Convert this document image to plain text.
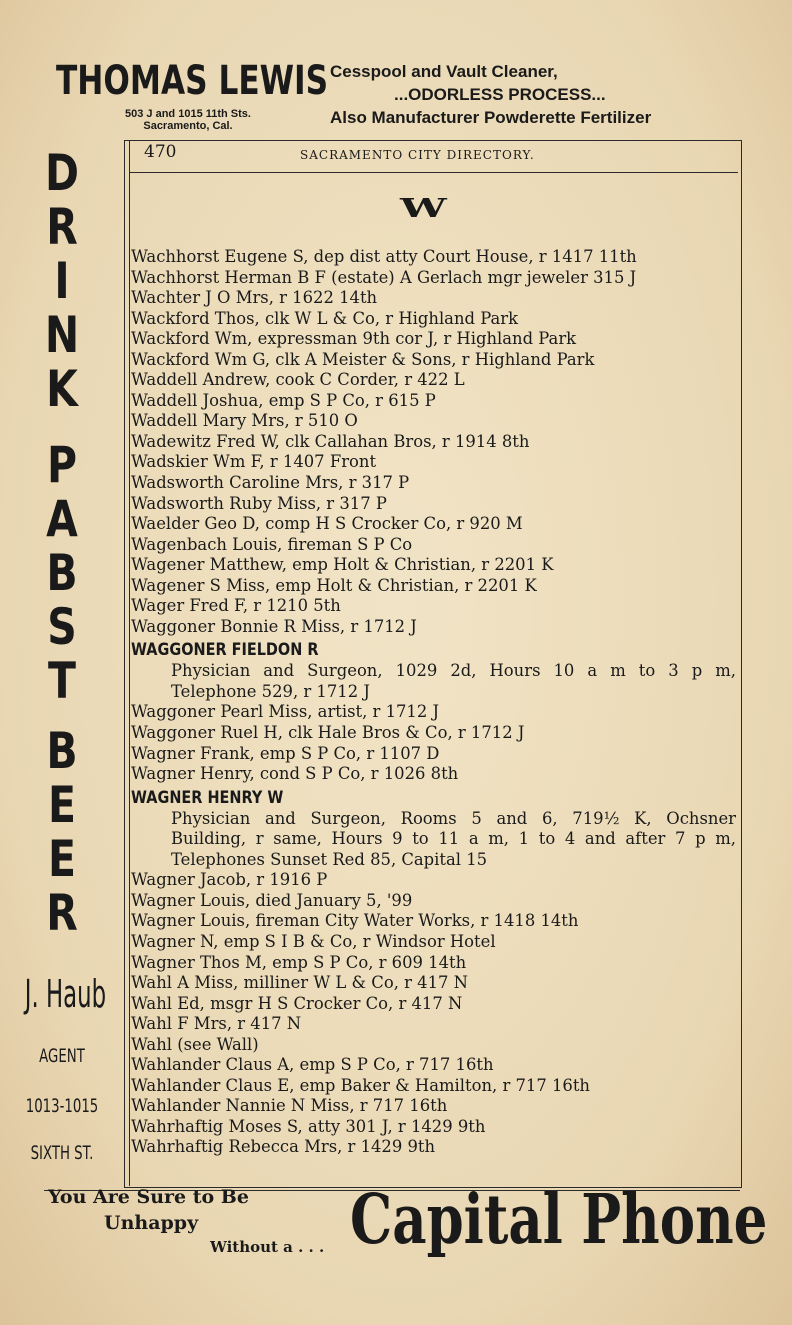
THOMAS LEWIS
503 J and 1015 11th Sts.
Sacramento, Cal.
Cesspool and Vault Cleaner,
...ODORLESS PROCESS...
Also Manufacturer Powderette Fertilizer
D
R
I
N
K
P
A
B
S
T
B
E
E
R
J. Haub
AGENT
1013-1015
SIXTH ST.
470	SACRAMENTO CITY DIRECTORY.
W
Wachhorst Eugene S, dep dist atty Court House, r 1417 11th
Wachhorst Herman B F (estate) A Gerlach mgr jeweler 315 J
Wachter J O Mrs, r 1622 14th
Wackford Thos, clk W L & Co, r Highland Park
Wackford Wm, expressman 9th cor J, r Highland Park
Wackford Wm G, clk A Meister & Sons, r Highland Park
Waddell Andrew, cook C Corder, r 422 L
Waddell Joshua, emp S P Co, r 615 P
Waddell Mary Mrs, r 510 O
Wadewitz Fred W, clk Callahan Bros, r 1914 8th
Wadskier Wm F, r 1407 Front
Wadsworth Caroline Mrs, r 317 P
Wadsworth Ruby Miss, r 317 P
Waelder Geo D, comp H S Crocker Co, r 920 M
Wagenbach Louis, fireman S P Co
Wagener Matthew, emp Holt & Christian, r 2201 K
Wagener S Miss, emp Holt & Christian, r 2201 K
Wager Fred F, r 1210 5th
Waggoner Bonnie R Miss, r 1712 J
WAGGONER FIELDON R
Physician and Surgeon, 1029 2d, Hours 10 a m to 3 p m,
Telephone 529, r 1712 J
Waggoner Pearl Miss, artist, r 1712 J
Waggoner Ruel H, clk Hale Bros & Co, r 1712 J
Wagner Frank, emp S P Co, r 1107 D
Wagner Henry, cond S P Co, r 1026 8th
WAGNER HENRY W
Physician and Surgeon, Rooms 5 and 6, 719½ K, Ochsner
Building, r same, Hours 9 to 11 a m, 1 to 4 and after 7 p m,
Telephones Sunset Red 85, Capital 15
Wagner Jacob, r 1916 P
Wagner Louis, died January 5, '99
Wagner Louis, fireman City Water Works, r 1418 14th
Wagner N, emp S I B & Co, r Windsor Hotel
Wagner Thos M, emp S P Co, r 609 14th
Wahl A Miss, milliner W L & Co, r 417 N
Wahl Ed, msgr H S Crocker Co, r 417 N
Wahl F Mrs, r 417 N
Wahl (see Wall)
Wahlander Claus A, emp S P Co, r 717 16th
Wahlander Claus E, emp Baker & Hamilton, r 717 16th
Wahlander Nannie N Miss, r 717 16th
Wahrhaftig Moses S, atty 301 J, r 1429 9th
Wahrhaftig Rebecca Mrs, r 1429 9th
You Are Sure to Be
Unhappy
Without a . . . Capital Phone
